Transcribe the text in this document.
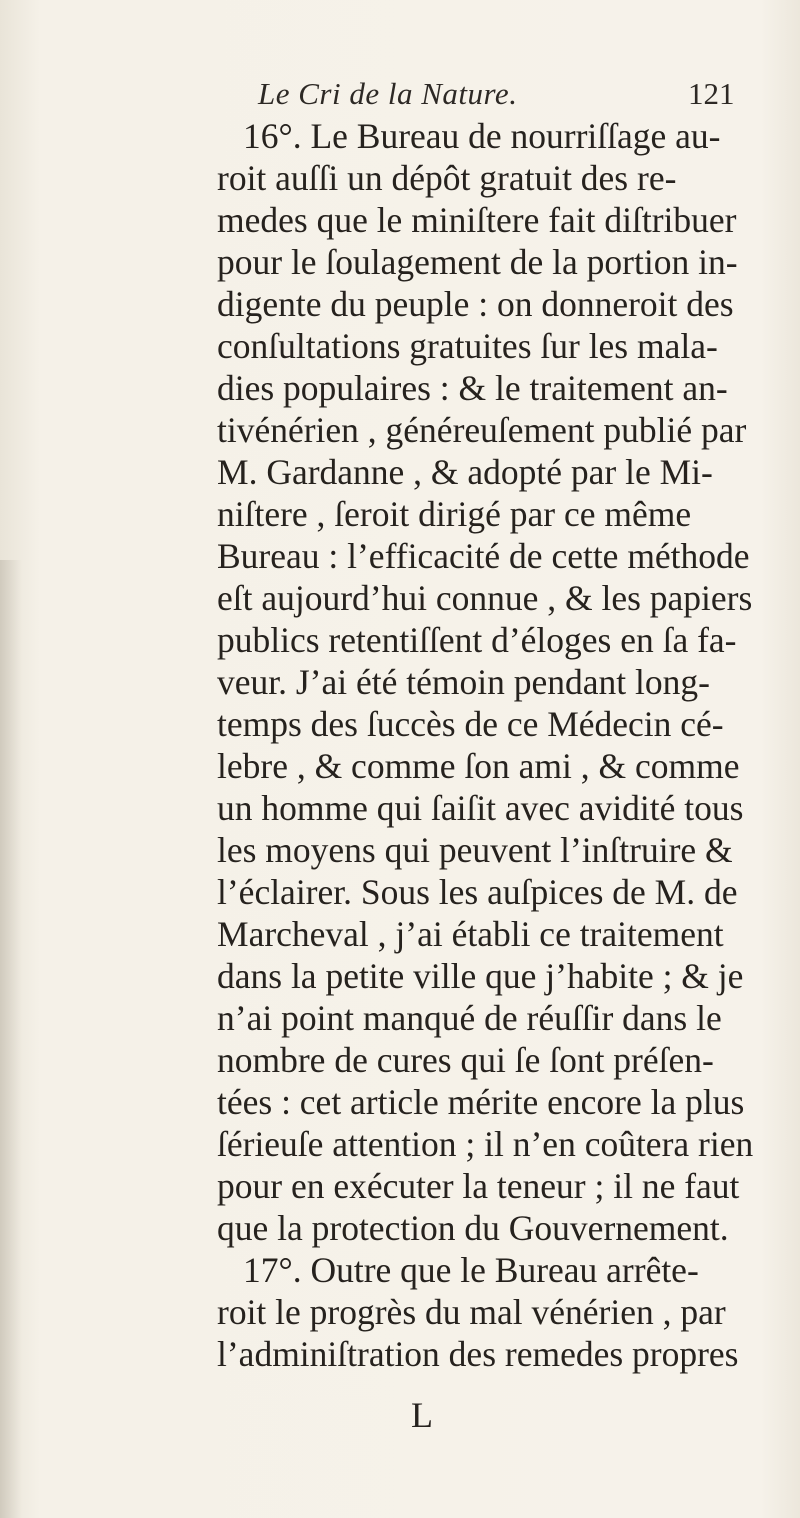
Le Cri de la Nature.	121
16°. Le Bureau de nourriſſage au-
roit auſſi un dépôt gratuit des re-
medes que le miniſtere fait diſtribuer
pour le ſoulagement de la portion in-
digente du peuple : on donneroit des
conſultations gratuites ſur les mala-
dies populaires : & le traitement an-
tivénérien , généreuſement publié par
M. Gardanne , & adopté par le Mi-
niſtere , ſeroit dirigé par ce même
Bureau : l’efficacité de cette méthode
eſt aujourd’hui connue , & les papiers
publics retentiſſent d’éloges en ſa fa-
veur. J’ai été témoin pendant long-
temps des ſuccès de ce Médecin cé-
lebre , & comme ſon ami , & comme
un homme qui ſaiſit avec avidité tous
les moyens qui peuvent l’inſtruire &
l’éclairer. Sous les auſpices de M. de
Marcheval , j’ai établi ce traitement
dans la petite ville que j’habite ; & je
n’ai point manqué de réuſſir dans le
nombre de cures qui ſe ſont préſen-
tées : cet article mérite encore la plus
ſérieuſe attention ; il n’en coûtera rien
pour en exécuter la teneur ; il ne faut
que la protection du Gouvernement.
17°. Outre que le Bureau arrête-
roit le progrès du mal vénérien , par
l’adminiſtration des remedes propres
L
